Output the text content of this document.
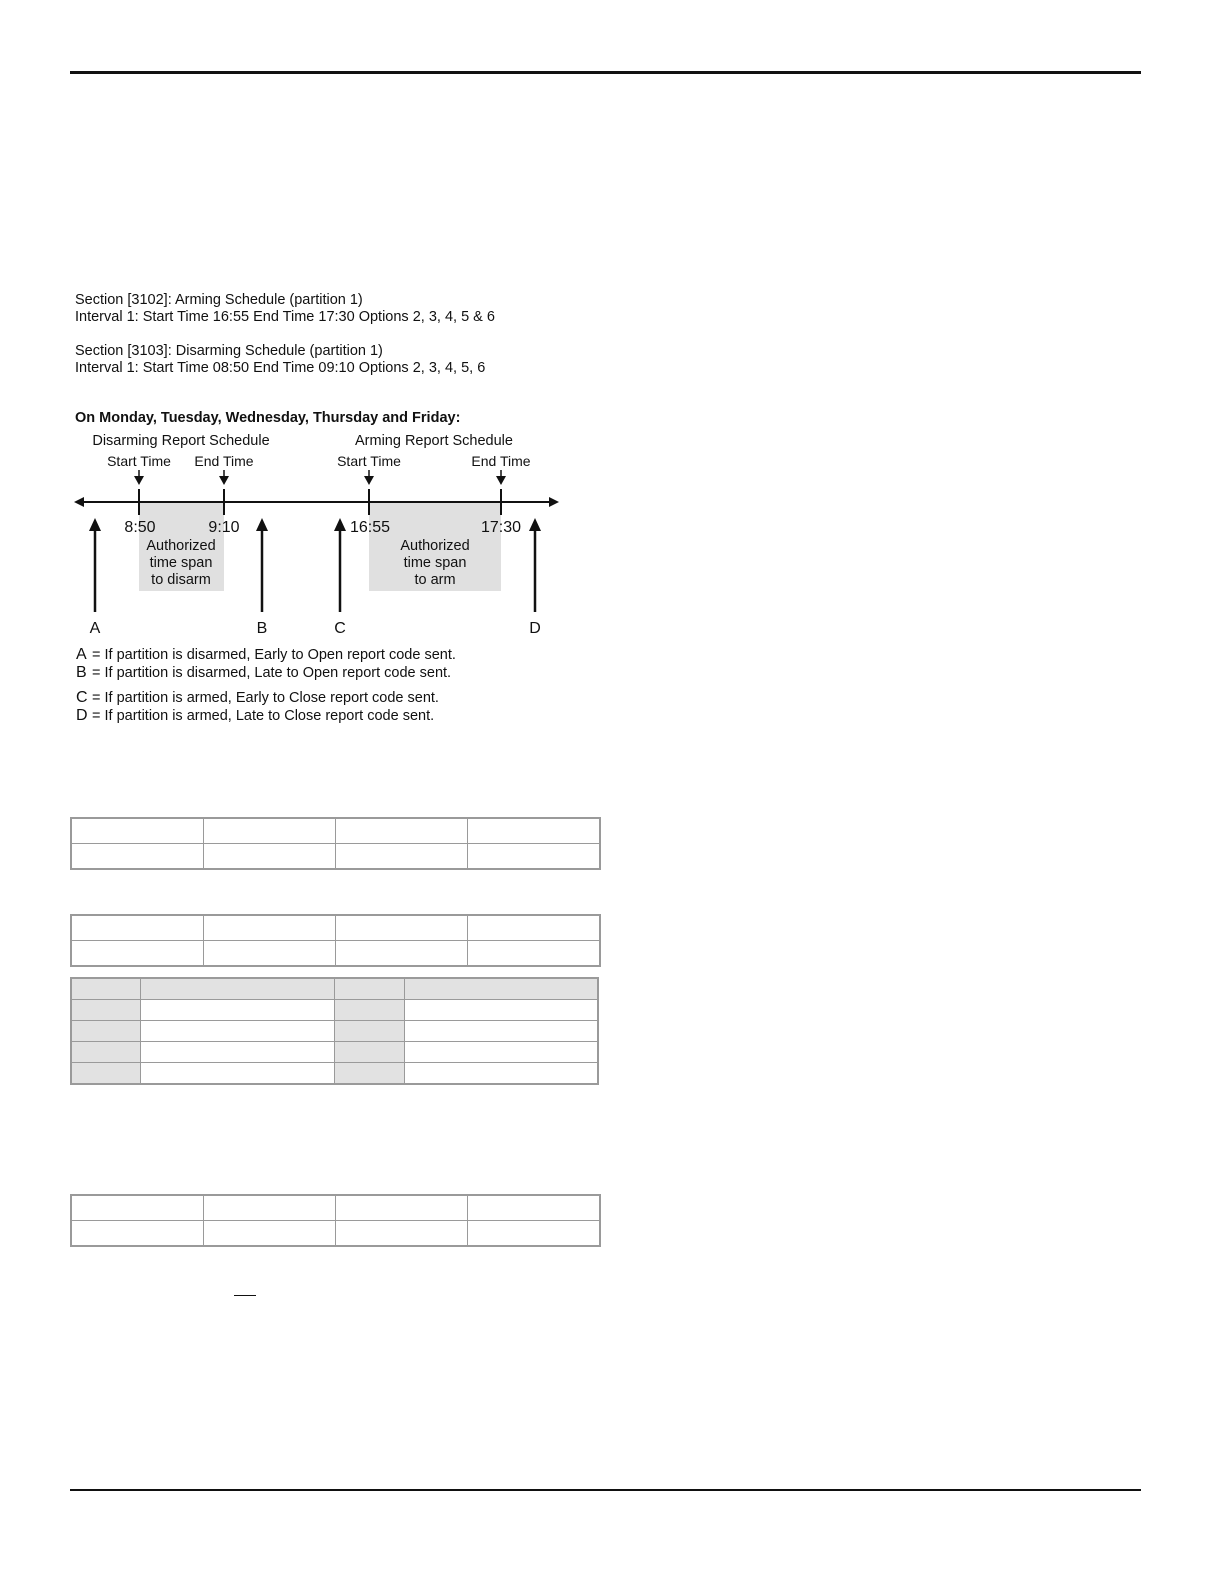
Section [3102]: Arming Schedule (partition 1)
Interval 1: Start Time 16:55 End Time 17:30 Options 2, 3, 4, 5 & 6
Section [3103]: Disarming Schedule (partition 1)
Interval 1: Start Time 08:50 End Time 09:10 Options 2, 3, 4, 5, 6
On Monday, Tuesday, Wednesday, Thursday and Friday:
Disarming Report Schedule	Arming Report Schedule
Start Time End Time	Start Time	End Time
8:50	9:10	16:55	17:30
Authorized
time span
to disarm
Authorized
time span
to arm
A	B	C	D
A = If partition is disarmed, Early to Open report code sent.
B = If partition is disarmed, Late to Open report code sent.
C = If partition is armed, Early to Close report code sent.
D = If partition is armed, Late to Close report code sent.
